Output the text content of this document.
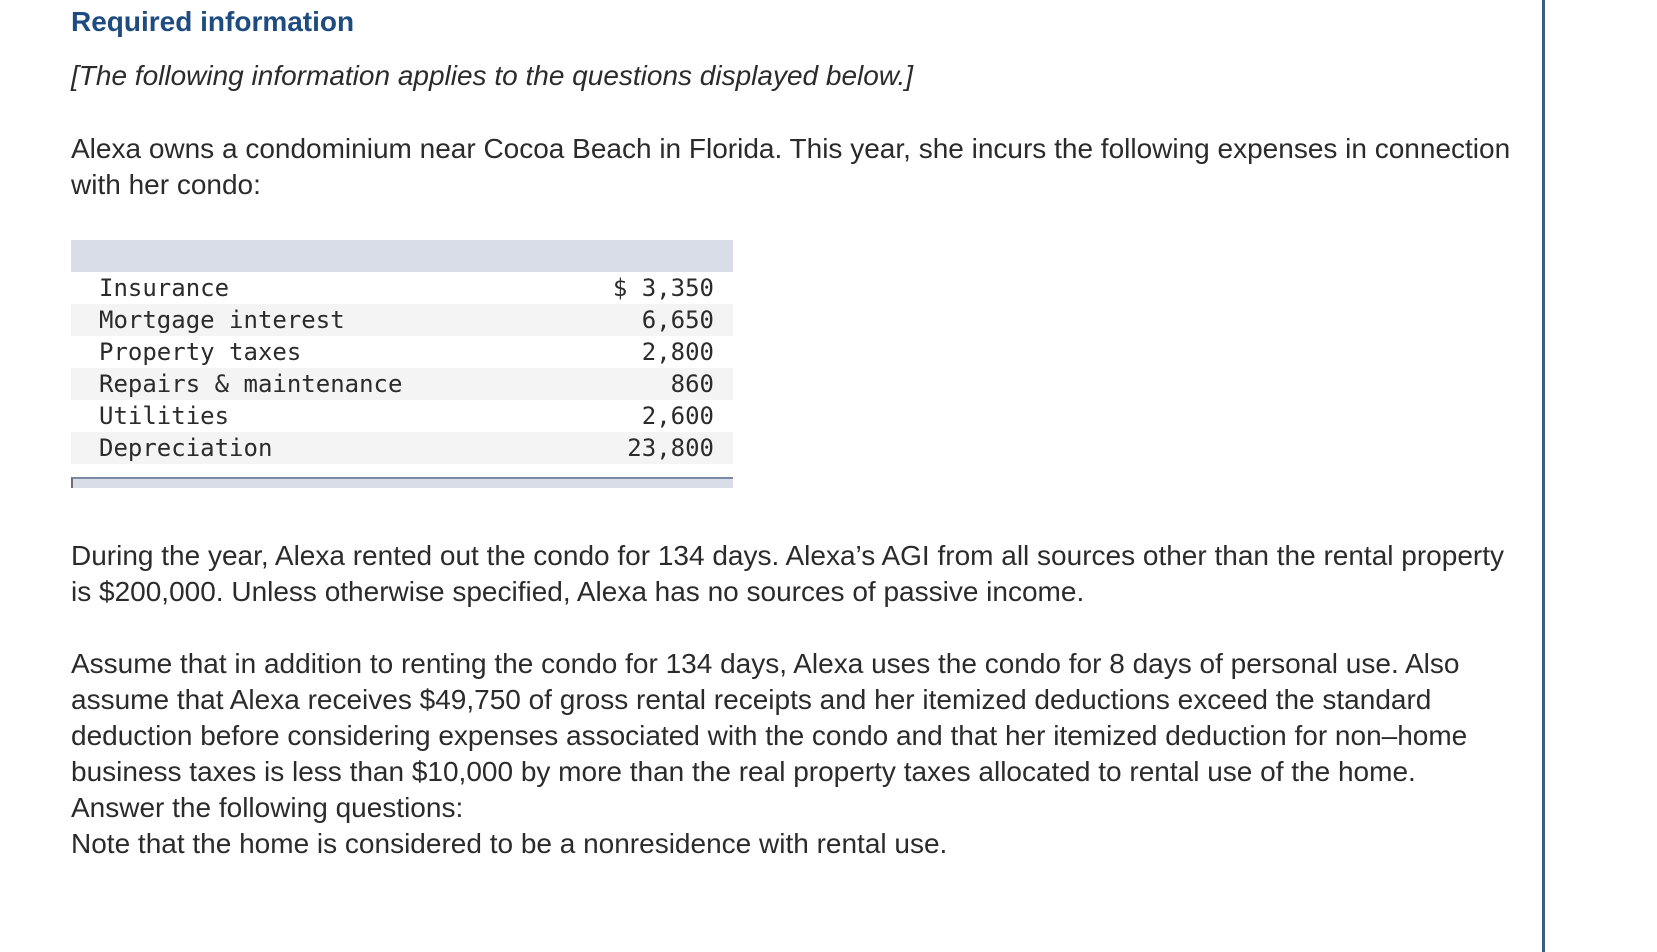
Required information

[The following information applies to the questions displayed below.]

Alexa owns a condominium near Cocoa Beach in Florida. This year, she incurs the following expenses in connection with her condo:

Insurance	$ 3,350
Mortgage interest	6,650
Property taxes	2,800
Repairs & maintenance	860
Utilities	2,600
Depreciation	23,800

During the year, Alexa rented out the condo for 134 days. Alexa’s AGI from all sources other than the rental property is $200,000. Unless otherwise specified, Alexa has no sources of passive income.

Assume that in addition to renting the condo for 134 days, Alexa uses the condo for 8 days of personal use. Also assume that Alexa receives $49,750 of gross rental receipts and her itemized deductions exceed the standard deduction before considering expenses associated with the condo and that her itemized deduction for non–home business taxes is less than $10,000 by more than the real property taxes allocated to rental use of the home. Answer the following questions:
Note that the home is considered to be a nonresidence with rental use.
